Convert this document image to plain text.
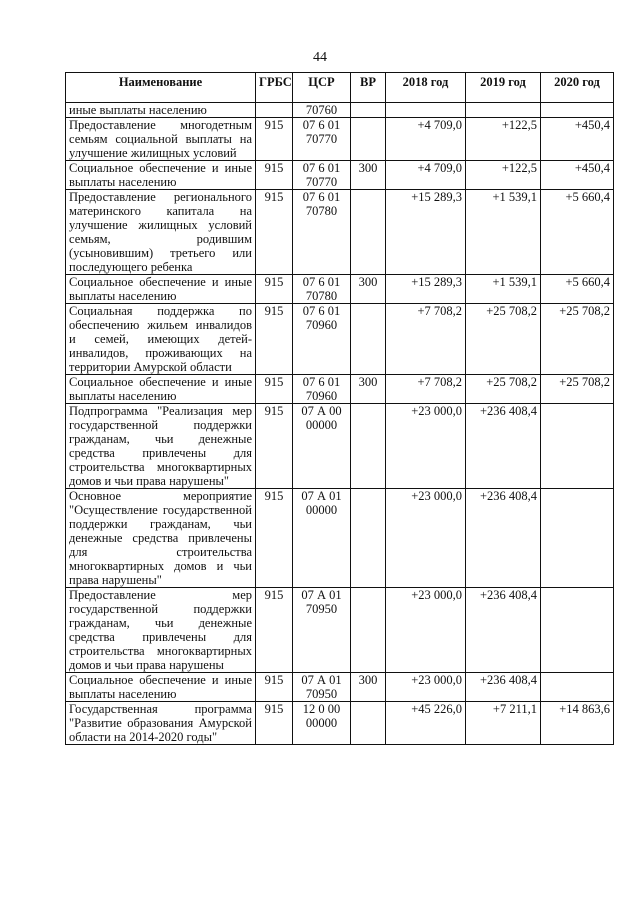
44
Наименование	ГРБС	ЦСР	ВР	2018 год	2019 год	2020 год
иные выплаты населению		70760				
Предоставление многодетным семьям социальной выплаты на улучшение жилищных условий	915	07 6 01 70770		+4 709,0	+122,5	+450,4
Социальное обеспечение и иные выплаты населению	915	07 6 01 70770	300	+4 709,0	+122,5	+450,4
Предоставление регионального материнского капитала на улучшение жилищных условий семьям, родившим (усыновившим) третьего или последующего ребенка	915	07 6 01 70780		+15 289,3	+1 539,1	+5 660,4
Социальное обеспечение и иные выплаты населению	915	07 6 01 70780	300	+15 289,3	+1 539,1	+5 660,4
Социальная поддержка по обеспечению жильем инвалидов и семей, имеющих детей-инвалидов, проживающих на территории Амурской области	915	07 6 01 70960		+7 708,2	+25 708,2	+25 708,2
Социальное обеспечение и иные выплаты населению	915	07 6 01 70960	300	+7 708,2	+25 708,2	+25 708,2
Подпрограмма "Реализация мер государственной поддержки гражданам, чьи денежные средства привлечены для строительства многоквартирных домов и чьи права нарушены"	915	07 А 00 00000		+23 000,0	+236 408,4	
Основное мероприятие "Осуществление государственной поддержки гражданам, чьи денежные средства привлечены для строительства многоквартирных домов и чьи права нарушены"	915	07 А 01 00000		+23 000,0	+236 408,4	
Предоставление мер государственной поддержки гражданам, чьи денежные средства привлечены для строительства многоквартирных домов и чьи права нарушены	915	07 А 01 70950		+23 000,0	+236 408,4	
Социальное обеспечение и иные выплаты населению	915	07 А 01 70950	300	+23 000,0	+236 408,4	
Государственная программа "Развитие образования Амурской области на 2014-2020 годы"	915	12 0 00 00000		+45 226,0	+7 211,1	+14 863,6
